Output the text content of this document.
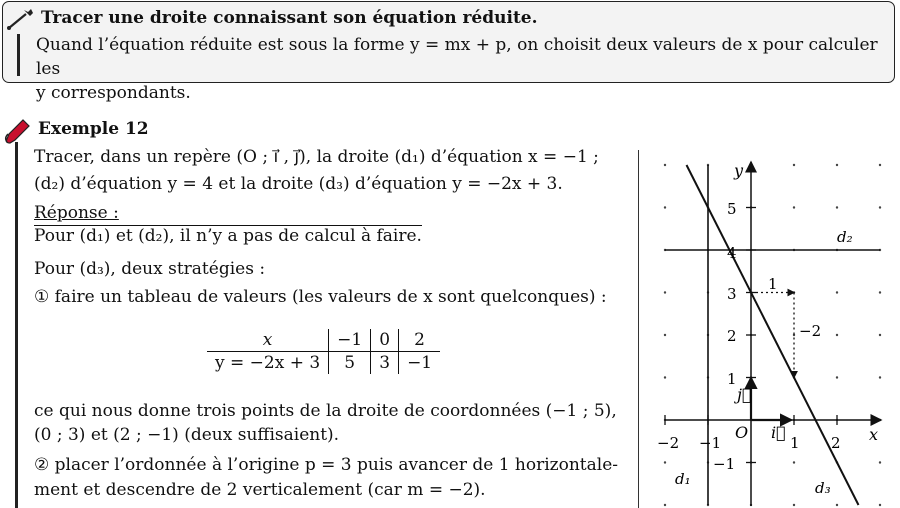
Tracer une droite connaissant son équation réduite.
Quand l’équation réduite est sous la forme y = mx + p, on choisit deux valeurs de x pour calculer les
y correspondants.
Exemple 12
Tracer, dans un repère (O ; i⃗ , j⃗), la droite (d₁) d’équation x = −1 ;
(d₂) d’équation y = 4 et la droite (d₃) d’équation y = −2x + 3.
Réponse :
Pour (d₁) et (d₂), il n’y a pas de calcul à faire.
Pour (d₃), deux stratégies :
① faire un tableau de valeurs (les valeurs de x sont quelconques) :
x	−1	0	2
y = −2x + 3	5	3	−1
ce qui nous donne trois points de la droite de coordonnées (−1 ; 5),
(0 ; 3) et (2 ; −1) (deux suffisaient).
② placer l’ordonnée à l’origine p = 3 puis avancer de 1 horizontale-
ment et descendre de 2 verticalement (car m = −2).
x
y
O i⃗
j⃗
−2 −1	1 2
5
4
3
2
1
−1
d₁
d₂
d₃
1
−2
